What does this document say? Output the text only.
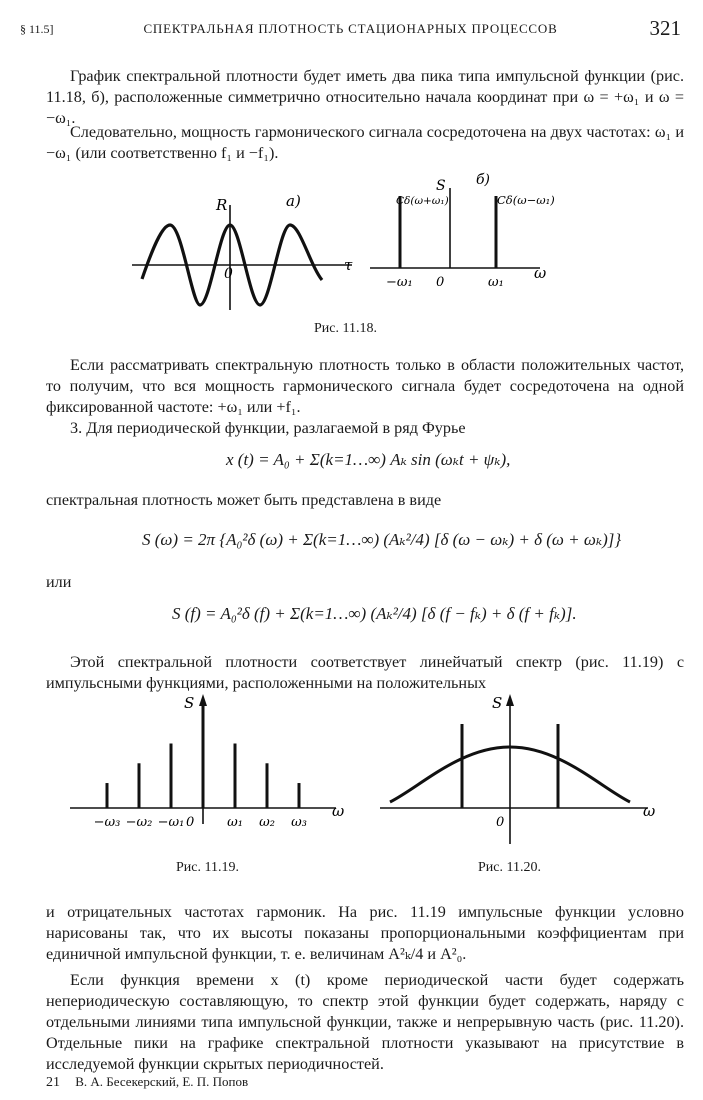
§ 11.5]	СПЕКТРАЛЬНАЯ ПЛОТНОСТЬ СТАЦИОНАРНЫХ ПРОЦЕССОВ	321

График спектральной плотности будет иметь два пика типа импульсной функции (рис. 11.18, б), расположенные симметрично относительно начала координат при ω = +ω₁ и ω = −ω₁.

Следовательно, мощность гармонического сигнала сосредоточена на двух частотах: ω₁ и −ω₁ (или соответственно f₁ и −f₁).

R	а)
τ
0
S б)
Cδ(ω+ω₁)	Cδ(ω−ω₁)
−ω₁ 0	ω₁
ω
Рис. 11.18.

Если рассматривать спектральную плотность только в области положительных частот, то получим, что вся мощность гармонического сигнала будет сосредоточена на одной фиксированной частоте: +ω₁ или +f₁.

3. Для периодической функции, разлагаемой в ряд Фурье

x (t) = A₀ + Σ(k=1…∞) Aₖ sin (ωₖt + ψₖ),

спектральная плотность может быть представлена в виде

S (ω) = 2π {A₀²δ (ω) + Σ(k=1…∞) (Aₖ²/4) [δ (ω − ωₖ) + δ (ω + ωₖ)]}

или

S (f) = A₀²δ (f) + Σ(k=1…∞) (Aₖ²/4) [δ (f − fₖ) + δ (f + fₖ)].

Этой спектральной плотности соответствует линейчатый спектр (рис. 11.19) с импульсными функциями, расположенными на положительных

S
ω
0
−ω₃ −ω₂ −ω₁	ω₁ ω₂ ω₃
Рис. 11.19.
S
ω
0
Рис. 11.20.

и отрицательных частотах гармоник. На рис. 11.19 импульсные функции условно нарисованы так, что их высоты показаны пропорциональными коэффициентам при единичной импульсной функции, т. е. величинам A²ₖ/4 и A²₀.

Если функция времени x (t) кроме периодической части будет содержать непериодическую составляющую, то спектр этой функции будет содержать, наряду с отдельными линиями типа импульсной функции, также и непрерывную часть (рис. 11.20). Отдельные пики на графике спектральной плотности указывают на присутствие в исследуемой функции скрытых периодичностей.

21 В. А. Бесекерский, Е. П. Попов
